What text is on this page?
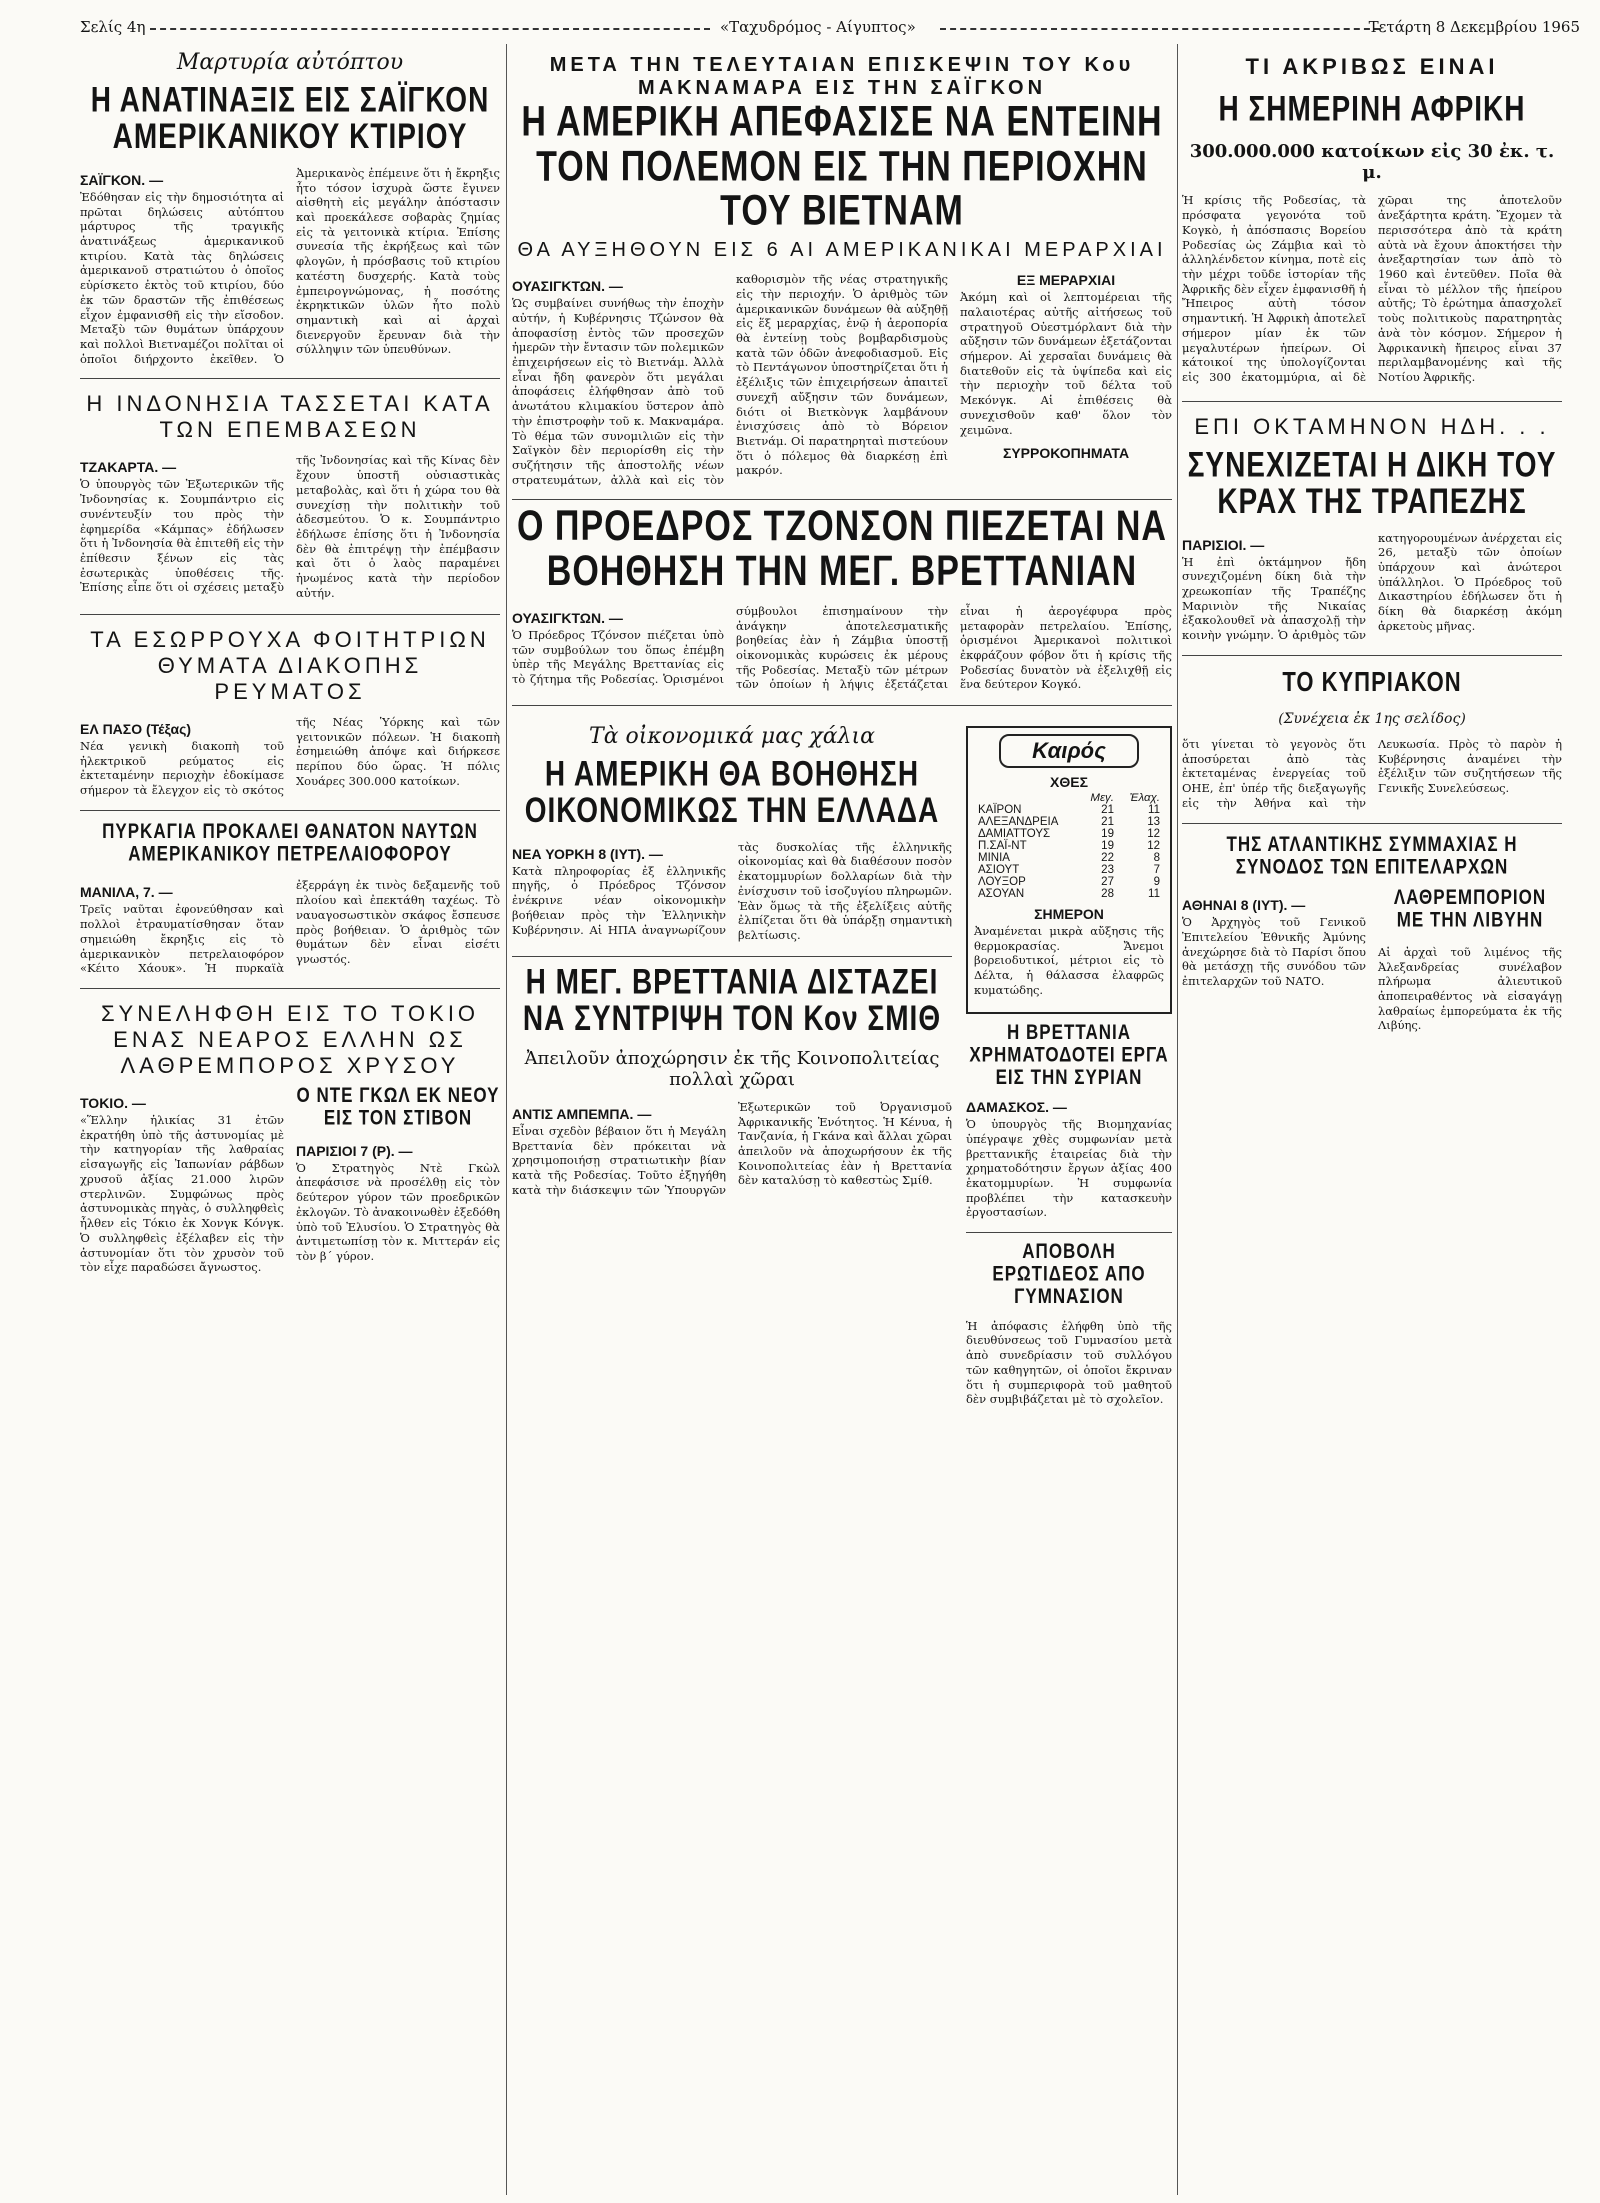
Σελίς 4η	«Ταχυδρόμος - Αίγυπτος»	Τετάρτη 8 Δεκεμβρίου 1965
Μαρτυρία αὐτόπτου
Η ΑΝΑΤΙΝΑΞΙΣ ΕΙΣ ΣΑΪΓΚΟΝ ΑΜΕΡΙΚΑΝΙΚΟΥ ΚΤΙΡΙΟΥ
ΣΑΪΓΚΟΝ. —

Ἐδόθησαν εἰς τὴν δημοσιότητα αἱ πρῶται δηλώσεις αὐτόπτου μάρτυρος τῆς τραγικῆς ἀνατινάξεως ἀμερικανικοῦ κτιρίου. Κατὰ τὰς δηλώσεις ἀμερικανοῦ στρατιώτου ὁ ὁποῖος εὑρίσκετο ἐκτὸς τοῦ κτιρίου, δύο ἐκ τῶν δραστῶν τῆς ἐπιθέσεως εἶχον ἐμφανισθῆ εἰς τὴν εἴσοδον. Μεταξὺ τῶν θυμάτων ὑπάρχουν καὶ πολλοὶ Βιετναμέζοι πολῖται οἱ ὁποῖοι διήρχοντο ἐκεῖθεν. Ὁ Ἀμερικανὸς ἐπέμεινε ὅτι ἡ ἔκρηξις ἦτο τόσον ἰσχυρὰ ὥστε ἔγινεν αἰσθητὴ εἰς μεγάλην ἀπόστασιν καὶ προεκάλεσε σοβαρὰς ζημίας εἰς τὰ γειτονικὰ κτίρια. Ἐπίσης συνεσία τῆς ἐκρήξεως καὶ τῶν φλογῶν, ἡ πρόσβασις τοῦ κτιρίου κατέστη δυσχερής. Κατὰ τοὺς ἐμπειρογνώμονας, ἡ ποσότης ἐκρηκτικῶν ὑλῶν ἦτο πολὺ σημαντικὴ καὶ αἱ ἀρχαὶ διενεργοῦν ἔρευναν διὰ τὴν σύλληψιν τῶν ὑπευθύνων.

Η ΙΝΔΟΝΗΣΙΑ ΤΑΣΣΕΤΑΙ ΚΑΤΑ ΤΩΝ ΕΠΕΜΒΑΣΕΩΝ
ΤΖΑΚΑΡΤΑ. —

Ὁ ὑπουργὸς τῶν Ἐξωτερικῶν τῆς Ἰνδονησίας κ. Σουμπάντριο εἰς συνέντευξίν του πρὸς τὴν ἐφημερίδα «Κάμπας» ἐδήλωσεν ὅτι ἡ Ἰνδονησία θὰ ἐπιτεθῆ εἰς τὴν ἐπίθεσιν ξένων εἰς τὰς ἐσωτερικὰς ὑποθέσεις τῆς. Ἐπίσης εἶπε ὅτι οἱ σχέσεις μεταξὺ τῆς Ἰνδονησίας καὶ τῆς Κίνας δὲν ἔχουν ὑποστῆ οὐσιαστικὰς μεταβολὰς, καὶ ὅτι ἡ χώρα του θὰ συνεχίσῃ τὴν πολιτικὴν τοῦ ἀδεσμεύτου. Ὁ κ. Σουμπάντριο ἐδήλωσε ἐπίσης ὅτι ἡ Ἰνδονησία δὲν θὰ ἐπιτρέψῃ τὴν ἐπέμβασιν καὶ ὅτι ὁ λαὸς παραμένει ἡνωμένος κατὰ τὴν περίοδον αὐτήν.

ΤΑ ΕΣΩΡΡΟΥΧΑ ΦΟΙΤΗΤΡΙΩΝ ΘΥΜΑΤΑ ΔΙΑΚΟΠΗΣ ΡΕΥΜΑΤΟΣ
ΕΛ ΠΑΣΟ (Τέξας)

Νέα γενικὴ διακοπὴ τοῦ ἠλεκτρικοῦ ρεύματος εἰς ἐκτεταμένην περιοχὴν ἐδοκίμασε σήμερον τὰ ἔλεγχον εἰς τὸ σκότος τῆς Νέας Ὑόρκης καὶ τῶν γειτονικῶν πόλεων. Ἡ διακοπὴ ἐσημειώθη ἀπόψε καὶ διήρκεσε περίπου δύο ὥρας. Ἡ πόλις Χουάρες 300.000 κατοίκων.

ΠΥΡΚΑΓΙΑ ΠΡΟΚΑΛΕΙ ΘΑΝΑΤΟΝ ΝΑΥΤΩΝ ΑΜΕΡΙΚΑΝΙΚΟΥ ΠΕΤΡΕΛΑΙΟΦΟΡΟΥ
ΜΑΝΙΛΑ, 7. —

Τρεῖς ναῦται ἐφονεύθησαν καὶ πολλοὶ ἐτραυματίσθησαν ὅταν σημειώθη ἔκρηξις εἰς τὸ ἀμερικανικὸν πετρελαιοφόρον «Κέιτο Χάουκ». Ἡ πυρκαϊὰ ἐξερράγη ἐκ τινὸς δεξαμενῆς τοῦ πλοίου καὶ ἐπεκτάθη ταχέως. Τὸ ναυαγοσωστικὸν σκάφος ἔσπευσε πρὸς βοήθειαν. Ὁ ἀριθμὸς τῶν θυμάτων δὲν εἶναι εἰσέτι γνωστός.

ΣΥΝΕΛΗΦΘΗ ΕΙΣ ΤΟ ΤΟΚΙΟ ΕΝΑΣ ΝΕΑΡΟΣ ΕΛΛΗΝ ΩΣ ΛΑΘΡΕΜΠΟΡΟΣ ΧΡΥΣΟΥ
ΤΟΚΙΟ. —

«Ἕλλην ἡλικίας 31 ἐτῶν ἐκρατήθη ὑπὸ τῆς ἀστυνομίας μὲ τὴν κατηγορίαν τῆς λαθραίας εἰσαγωγῆς εἰς Ἰαπωνίαν ράβδων χρυσοῦ ἀξίας 21.000 λιρῶν στερλινῶν. Συμφώνως πρὸς ἀστυνομικὰς πηγὰς, ὁ συλληφθεὶς ἦλθεν εἰς Τόκιο ἐκ Χονγκ Κόνγκ. Ὁ συλληφθεὶς ἐξέλαβεν εἰς τὴν ἀστυνομίαν ὅτι τὸν χρυσὸν τοῦ τὸν εἶχε παραδώσει ἄγνωστος.

Ο ΝΤΕ ΓΚΩΛ ΕΚ ΝΕΟΥ ΕΙΣ ΤΟΝ ΣΤΙΒΟΝ
ΠΑΡΙΣΙΟΙ 7 (Ρ). —

Ὁ Στρατηγὸς Ντὲ Γκὼλ ἀπεφάσισε νὰ προσέλθῃ εἰς τὸν δεύτερον γύρον τῶν προεδρικῶν ἐκλογῶν. Τὸ ἀνακοινωθὲν ἐξεδόθη ὑπὸ τοῦ Ἐλυσίου. Ὁ Στρατηγὸς θὰ ἀντιμετωπίσῃ τὸν κ. Μιττεράν εἰς τὸν β΄ γύρον.

ΜΕΤΑ ΤΗΝ ΤΕΛΕΥΤΑΙΑΝ ΕΠΙΣΚΕΨΙΝ ΤΟΥ Κου ΜΑΚΝΑΜΑΡΑ ΕΙΣ ΤΗΝ ΣΑΪΓΚΟΝ
Η ΑΜΕΡΙΚΗ ΑΠΕΦΑΣΙΣΕ ΝΑ ΕΝΤΕΙΝΗ ΤΟΝ ΠΟΛΕΜΟΝ ΕΙΣ ΤΗΝ ΠΕΡΙΟΧΗΝ ΤΟΥ ΒΙΕΤΝΑΜ
ΘΑ ΑΥΞΗΘΟΥΝ ΕΙΣ 6 ΑΙ ΑΜΕΡΙΚΑΝΙΚΑΙ ΜΕΡΑΡΧΙΑΙ
ΟΥΑΣΙΓΚΤΩΝ. —

Ὡς συμβαίνει συνήθως τὴν ἐποχὴν αὐτήν, ἡ Κυβέρνησις Τζώνσον θὰ ἀποφασίσῃ ἐντὸς τῶν προσεχῶν ἡμερῶν τὴν ἔντασιν τῶν πολεμικῶν ἐπιχειρήσεων εἰς τὸ Βιετνάμ. Ἀλλὰ εἶναι ἤδη φανερὸν ὅτι μεγάλαι ἀποφάσεις ἐλήφθησαν ἀπὸ τοῦ ἀνωτάτου κλιμακίου ὕστερον ἀπὸ τὴν ἐπιστροφὴν τοῦ κ. Μακναμάρα. Τὸ θέμα τῶν συνομιλιῶν εἰς τὴν Σαϊγκὸν δὲν περιορίσθη εἰς τὴν συζήτησιν τῆς ἀποστολῆς νέων στρατευμάτων, ἀλλὰ καὶ εἰς τὸν καθορισμὸν τῆς νέας στρατηγικῆς εἰς τὴν περιοχήν. Ὁ ἀριθμὸς τῶν ἀμερικανικῶν δυνάμεων θὰ αὐξηθῇ εἰς ἕξ μεραρχίας, ἐνῷ ἡ ἀεροπορία θὰ ἐντείνῃ τοὺς βομβαρδισμοὺς κατὰ τῶν ὁδῶν ἀνεφοδιασμοῦ. Εἰς τὸ Πεντάγωνον ὑποστηρίζεται ὅτι ἡ ἐξέλιξις τῶν ἐπιχειρήσεων ἀπαιτεῖ συνεχῆ αὔξησιν τῶν δυνάμεων, διότι οἱ Βιετκὸνγκ λαμβάνουν ἐνισχύσεις ἀπὸ τὸ Βόρειον Βιετνάμ. Οἱ παρατηρηταὶ πιστεύουν ὅτι ὁ πόλεμος θὰ διαρκέσῃ ἐπὶ μακρόν.

ΕΞ ΜΕΡΑΡΧΙΑΙ

Ἀκόμη καὶ οἱ λεπτομέρειαι τῆς παλαιοτέρας αὐτῆς αἰτήσεως τοῦ στρατηγοῦ Οὐεστμόρλαντ διὰ τὴν αὔξησιν τῶν δυνάμεων ἐξετάζονται σήμερον. Αἱ χερσαῖαι δυνάμεις θὰ διατεθοῦν εἰς τὰ ὑψίπεδα καὶ εἰς τὴν περιοχὴν τοῦ δέλτα τοῦ Μεκόνγκ. Αἱ ἐπιθέσεις θὰ συνεχισθοῦν καθ' ὅλον τὸν χειμῶνα.

ΣΥΡΡΟΚΟΠΗΜΑΤΑ
Ο ΠΡΟΕΔΡΟΣ ΤΖΟΝΣΟΝ ΠΙΕΖΕΤΑΙ ΝΑ ΒΟΗΘΗΣΗ ΤΗΝ ΜΕΓ. ΒΡΕΤΤΑΝΙΑΝ
ΟΥΑΣΙΓΚΤΩΝ. —

Ὁ Πρόεδρος Τζόνσον πιέζεται ὑπὸ τῶν συμβούλων του ὅπως ἐπέμβη ὑπὲρ τῆς Μεγάλης Βρεττανίας εἰς τὸ ζήτημα τῆς Ροδεσίας. Ὁρισμένοι σύμβουλοι ἐπισημαίνουν τὴν ἀνάγκην ἀποτελεσματικῆς βοηθείας ἐὰν ἡ Ζάμβια ὑποστῇ οἰκονομικὰς κυρώσεις ἐκ μέρους τῆς Ροδεσίας. Μεταξὺ τῶν μέτρων τῶν ὁποίων ἡ λήψις ἐξετάζεται εἶναι ἡ ἀερογέφυρα πρὸς μεταφορὰν πετρελαίου. Ἐπίσης, ὁρισμένοι Ἀμερικανοὶ πολιτικοὶ ἐκφράζουν φόβον ὅτι ἡ κρίσις τῆς Ροδεσίας δυνατὸν νὰ ἐξελιχθῇ εἰς ἕνα δεύτερον Κογκό.

Τὰ οἰκονομικά μας χάλια
Η ΑΜΕΡΙΚΗ ΘΑ ΒΟΗΘΗΣΗ ΟΙΚΟΝΟΜΙΚΩΣ ΤΗΝ ΕΛΛΑΔΑ
ΝΕΑ ΥΟΡΚΗ 8 (ΙΥΤ). —

Κατὰ πληροφορίας ἐξ ἑλληνικῆς πηγῆς, ὁ Πρόεδρος Τζόνσον ἐνέκρινε νέαν οἰκονομικὴν βοήθειαν πρὸς τὴν Ἑλληνικὴν Κυβέρνησιν. Αἱ ΗΠΑ ἀναγνωρίζουν τὰς δυσκολίας τῆς ἑλληνικῆς οἰκονομίας καὶ θὰ διαθέσουν ποσὸν ἐκατομμυρίων δολλαρίων διὰ τὴν ἐνίσχυσιν τοῦ ἰσοζυγίου πληρωμῶν. Ἐὰν ὅμως τὰ τῆς ἐξελίξεις αὐτῆς ἐλπίζεται ὅτι θὰ ὑπάρξῃ σημαντικὴ βελτίωσις.

Η ΜΕΓ. ΒΡΕΤΤΑΝΙΑ ΔΙΣΤΑΖΕΙ ΝΑ ΣΥΝΤΡΙΨΗ ΤΟΝ Κον ΣΜΙΘ
Ἀπειλοῦν ἀποχώρησιν ἐκ τῆς Κοινοπολιτείας πολλαὶ χῶραι
ΑΝΤΙΣ ΑΜΠΕΜΠΑ. —

Εἶναι σχεδὸν βέβαιον ὅτι ἡ Μεγάλη Βρεττανία δὲν πρόκειται νὰ χρησιμοποιήσῃ στρατιωτικὴν βίαν κατὰ τῆς Ροδεσίας. Τοῦτο ἐξηγήθη κατὰ τὴν διάσκεψιν τῶν Ὑπουργῶν Ἐξωτερικῶν τοῦ Ὀργανισμοῦ Ἀφρικανικῆς Ἑνότητος. Ἡ Κένυα, ἡ Τανζανία, ἡ Γκάνα καὶ ἄλλαι χῶραι ἀπειλοῦν νὰ ἀποχωρήσουν ἐκ τῆς Κοινοπολιτείας ἐὰν ἡ Βρεττανία δὲν καταλύσῃ τὸ καθεστὼς Σμίθ.

Καιρός
ΧΘΕΣ
	Μεγ.	Ἐλαχ.
ΚΑΪΡΟΝ	21	11
ΑΛΕΞΑΝΔΡΕΙΑ	21	13
ΔΑΜΙΑΤΤΟΥΣ	19	12
Π.ΣΑΪ-ΝΤ	19	12
ΜΙΝΙΑ	22	8
ΑΣΙΟΥΤ	23	7
ΛΟΥΞΟΡ	27	9
ΑΣΟΥΑΝ	28	11
ΣΗΜΕΡΟΝ

Ἀναμένεται μικρὰ αὔξησις τῆς θερμοκρασίας. Ἄνεμοι βορειοδυτικοί, μέτριοι εἰς τὸ Δέλτα, ἡ θάλασσα ἐλαφρῶς κυματώδης.

Η ΒΡΕΤΤΑΝΙΑ ΧΡΗΜΑΤΟΔΟΤΕΙ ΕΡΓΑ ΕΙΣ ΤΗΝ ΣΥΡΙΑΝ
ΔΑΜΑΣΚΟΣ. —

Ὁ ὑπουργὸς τῆς Βιομηχανίας ὑπέγραψε χθὲς συμφωνίαν μετὰ βρεττανικῆς ἑταιρείας διὰ τὴν χρηματοδότησιν ἔργων ἀξίας 400 ἑκατομμυρίων. Ἡ συμφωνία προβλέπει τὴν κατασκευὴν ἐργοστασίων.

ΑΠΟΒΟΛΗ ΕΡΩΤΙΔΕΟΣ ΑΠΟ ΓΥΜΝΑΣΙΟΝ

Ἡ ἀπόφασις ἐλήφθη ὑπὸ τῆς διευθύνσεως τοῦ Γυμνασίου μετὰ ἀπὸ συνεδρίασιν τοῦ συλλόγου τῶν καθηγητῶν, οἱ ὁποῖοι ἔκριναν ὅτι ἡ συμπεριφορὰ τοῦ μαθητοῦ δὲν συμβιβάζεται μὲ τὸ σχολεῖον.

ΤΙ ΑΚΡΙΒΩΣ ΕΙΝΑΙ
Η ΣΗΜΕΡΙΝΗ ΑΦΡΙΚΗ
300.000.000 κατοίκων εἰς 30 ἐκ. τ. μ.

Ἡ κρίσις τῆς Ροδεσίας, τὰ πρόσφατα γεγονότα τοῦ Κογκὸ, ἡ ἀπόσπασις Βορείου Ροδεσίας ὡς Ζάμβια καὶ τὸ ἀλληλένδετον κίνημα, ποτὲ εἰς τὴν μέχρι τοῦδε ἱστορίαν τῆς Ἀφρικῆς δὲν εἶχεν ἐμφανισθῆ ἡ Ἤπειρος αὐτὴ τόσον σημαντική. Ἡ Ἀφρικὴ ἀποτελεῖ σήμερον μίαν ἐκ τῶν μεγαλυτέρων ἠπείρων. Οἱ κάτοικοί της ὑπολογίζονται εἰς 300 ἑκατομμύρια, αἱ δὲ χῶραι της ἀποτελοῦν ἀνεξάρτητα κράτη. Ἔχομεν τὰ περισσότερα ἀπὸ τὰ κράτη αὐτὰ νὰ ἔχουν ἀποκτήσει τὴν ἀνεξαρτησίαν των ἀπὸ τὸ 1960 καὶ ἐντεῦθεν. Ποῖα θὰ εἶναι τὸ μέλλον τῆς ἠπείρου αὐτῆς; Τὸ ἐρώτημα ἀπασχολεῖ τοὺς πολιτικοὺς παρατηρητὰς ἀνὰ τὸν κόσμον. Σήμερον ἡ Ἀφρικανικὴ ἤπειρος εἶναι 37 περιλαμβανομένης καὶ τῆς Νοτίου Ἀφρικῆς.

ΕΠΙ ΟΚΤΑΜΗΝΟΝ ΗΔΗ. . .
ΣΥΝΕΧΙΖΕΤΑΙ Η ΔΙΚΗ ΤΟΥ ΚΡΑΧ ΤΗΣ ΤΡΑΠΕΖΗΣ
ΠΑΡΙΣΙΟΙ. —

Ἡ ἐπὶ ὀκτάμηνον ἤδη συνεχιζομένη δίκη διὰ τὴν χρεωκοπίαν τῆς Τραπέζης Μαρινιὸν τῆς Νικαίας ἐξακολουθεῖ νὰ ἀπασχολῇ τὴν κοινὴν γνώμην. Ὁ ἀριθμὸς τῶν κατηγορουμένων ἀνέρχεται εἰς 26, μεταξὺ τῶν ὁποίων ὑπάρχουν καὶ ἀνώτεροι ὑπάλληλοι. Ὁ Πρόεδρος τοῦ Δικαστηρίου ἐδήλωσεν ὅτι ἡ δίκη θὰ διαρκέσῃ ἀκόμη ἀρκετοὺς μῆνας.

ΤΟ ΚΥΠΡΙΑΚΟΝ
(Συνέχεια ἐκ 1ης σελίδος)

ὅτι γίνεται τὸ γεγονὸς ὅτι ἀποσύρεται ἀπὸ τὰς ἐκτεταμένας ἐνεργείας τοῦ ΟΗΕ, ἐπ' ὑπέρ τῆς διεξαγωγῆς εἰς τὴν Ἀθήνα καὶ τὴν Λευκωσία. Πρὸς τὸ παρὸν ἡ Κυβέρνησις ἀναμένει τὴν ἐξέλιξιν τῶν συζητήσεων τῆς Γενικῆς Συνελεύσεως.

ΤΗΣ ΑΤΛΑΝΤΙΚΗΣ ΣΥΜΜΑΧΙΑΣ Η ΣΥΝΟΔΟΣ ΤΩΝ ΕΠΙΤΕΛΑΡΧΩΝ
ΑΘΗΝΑΙ 8 (ΙΥΤ). —

Ὁ Ἀρχηγὸς τοῦ Γενικοῦ Ἐπιτελείου Ἐθνικῆς Ἀμύνης ἀνεχώρησε διὰ τὸ Παρίσι ὅπου θὰ μετάσχῃ τῆς συνόδου τῶν ἐπιτελαρχῶν τοῦ ΝΑΤΟ.

ΛΑΘΡΕΜΠΟΡΙΟΝ ΜΕ ΤΗΝ ΛΙΒΥΗΝ

Αἱ ἀρχαὶ τοῦ λιμένος τῆς Ἀλεξανδρείας συνέλαβον πλήρωμα ἀλιευτικοῦ ἀποπειραθέντος νὰ εἰσαγάγῃ λαθραίως ἐμπορεύματα ἐκ τῆς Λιβύης.
